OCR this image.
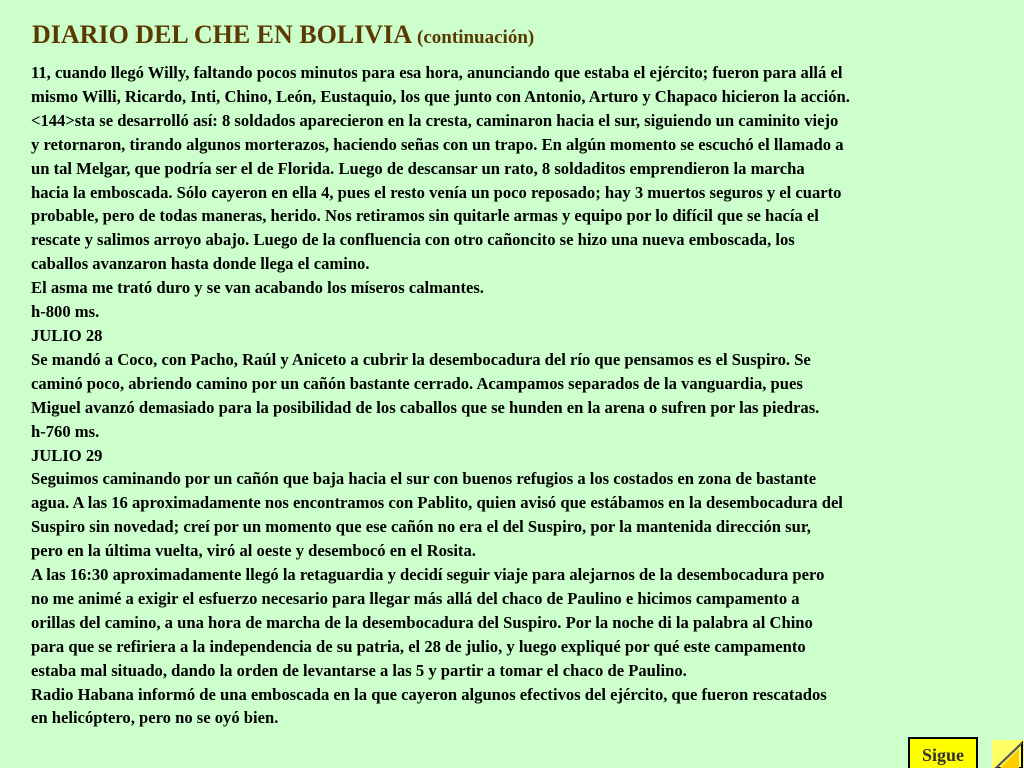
DIARIO DEL CHE EN BOLIVIA (continuación)
11, cuando llegó Willy, faltando pocos minutos para esa hora, anunciando que estaba el ejército; fueron para allá el
mismo Willi, Ricardo, Inti, Chino, León, Eustaquio, los que junto con Antonio, Arturo y Chapaco hicieron la acción.
<144>sta se desarrolló así: 8 soldados aparecieron en la cresta, caminaron hacia el sur, siguiendo un caminito viejo
y retornaron, tirando algunos morterazos, haciendo señas con un trapo. En algún momento se escuchó el llamado a
un tal Melgar, que podría ser el de Florida. Luego de descansar un rato, 8 soldaditos emprendieron la marcha
hacia la emboscada. Sólo cayeron en ella 4, pues el resto venía un poco reposado; hay 3 muertos seguros y el cuarto
probable, pero de todas maneras, herido. Nos retiramos sin quitarle armas y equipo por lo difícil que se hacía el
rescate y salimos arroyo abajo. Luego de la confluencia con otro cañoncito se hizo una nueva emboscada, los
caballos avanzaron hasta donde llega el camino.
El asma me trató duro y se van acabando los míseros calmantes.
h-800 ms.
JULIO 28
Se mandó a Coco, con Pacho, Raúl y Aniceto a cubrir la desembocadura del río que pensamos es el Suspiro. Se
caminó poco, abriendo camino por un cañón bastante cerrado. Acampamos separados de la vanguardia, pues
Miguel avanzó demasiado para la posibilidad de los caballos que se hunden en la arena o sufren por las piedras.
h-760 ms.
JULIO 29
Seguimos caminando por un cañón que baja hacia el sur con buenos refugios a los costados en zona de bastante
agua. A las 16 aproximadamente nos encontramos con Pablito, quien avisó que estábamos en la desembocadura del
Suspiro sin novedad; creí por un momento que ese cañón no era el del Suspiro, por la mantenida dirección sur,
pero en la última vuelta, viró al oeste y desembocó en el Rosita.
A las 16:30 aproximadamente llegó la retaguardia y decidí seguir viaje para alejarnos de la desembocadura pero
no me animé a exigir el esfuerzo necesario para llegar más allá del chaco de Paulino e hicimos campamento a
orillas del camino, a una hora de marcha de la desembocadura del Suspiro. Por la noche di la palabra al Chino
para que se refiriera a la independencia de su patria, el 28 de julio, y luego expliqué por qué este campamento
estaba mal situado, dando la orden de levantarse a las 5 y partir a tomar el chaco de Paulino.
Radio Habana informó de una emboscada en la que cayeron algunos efectivos del ejército, que fueron rescatados
en helicóptero, pero no se oyó bien.
Sigue
